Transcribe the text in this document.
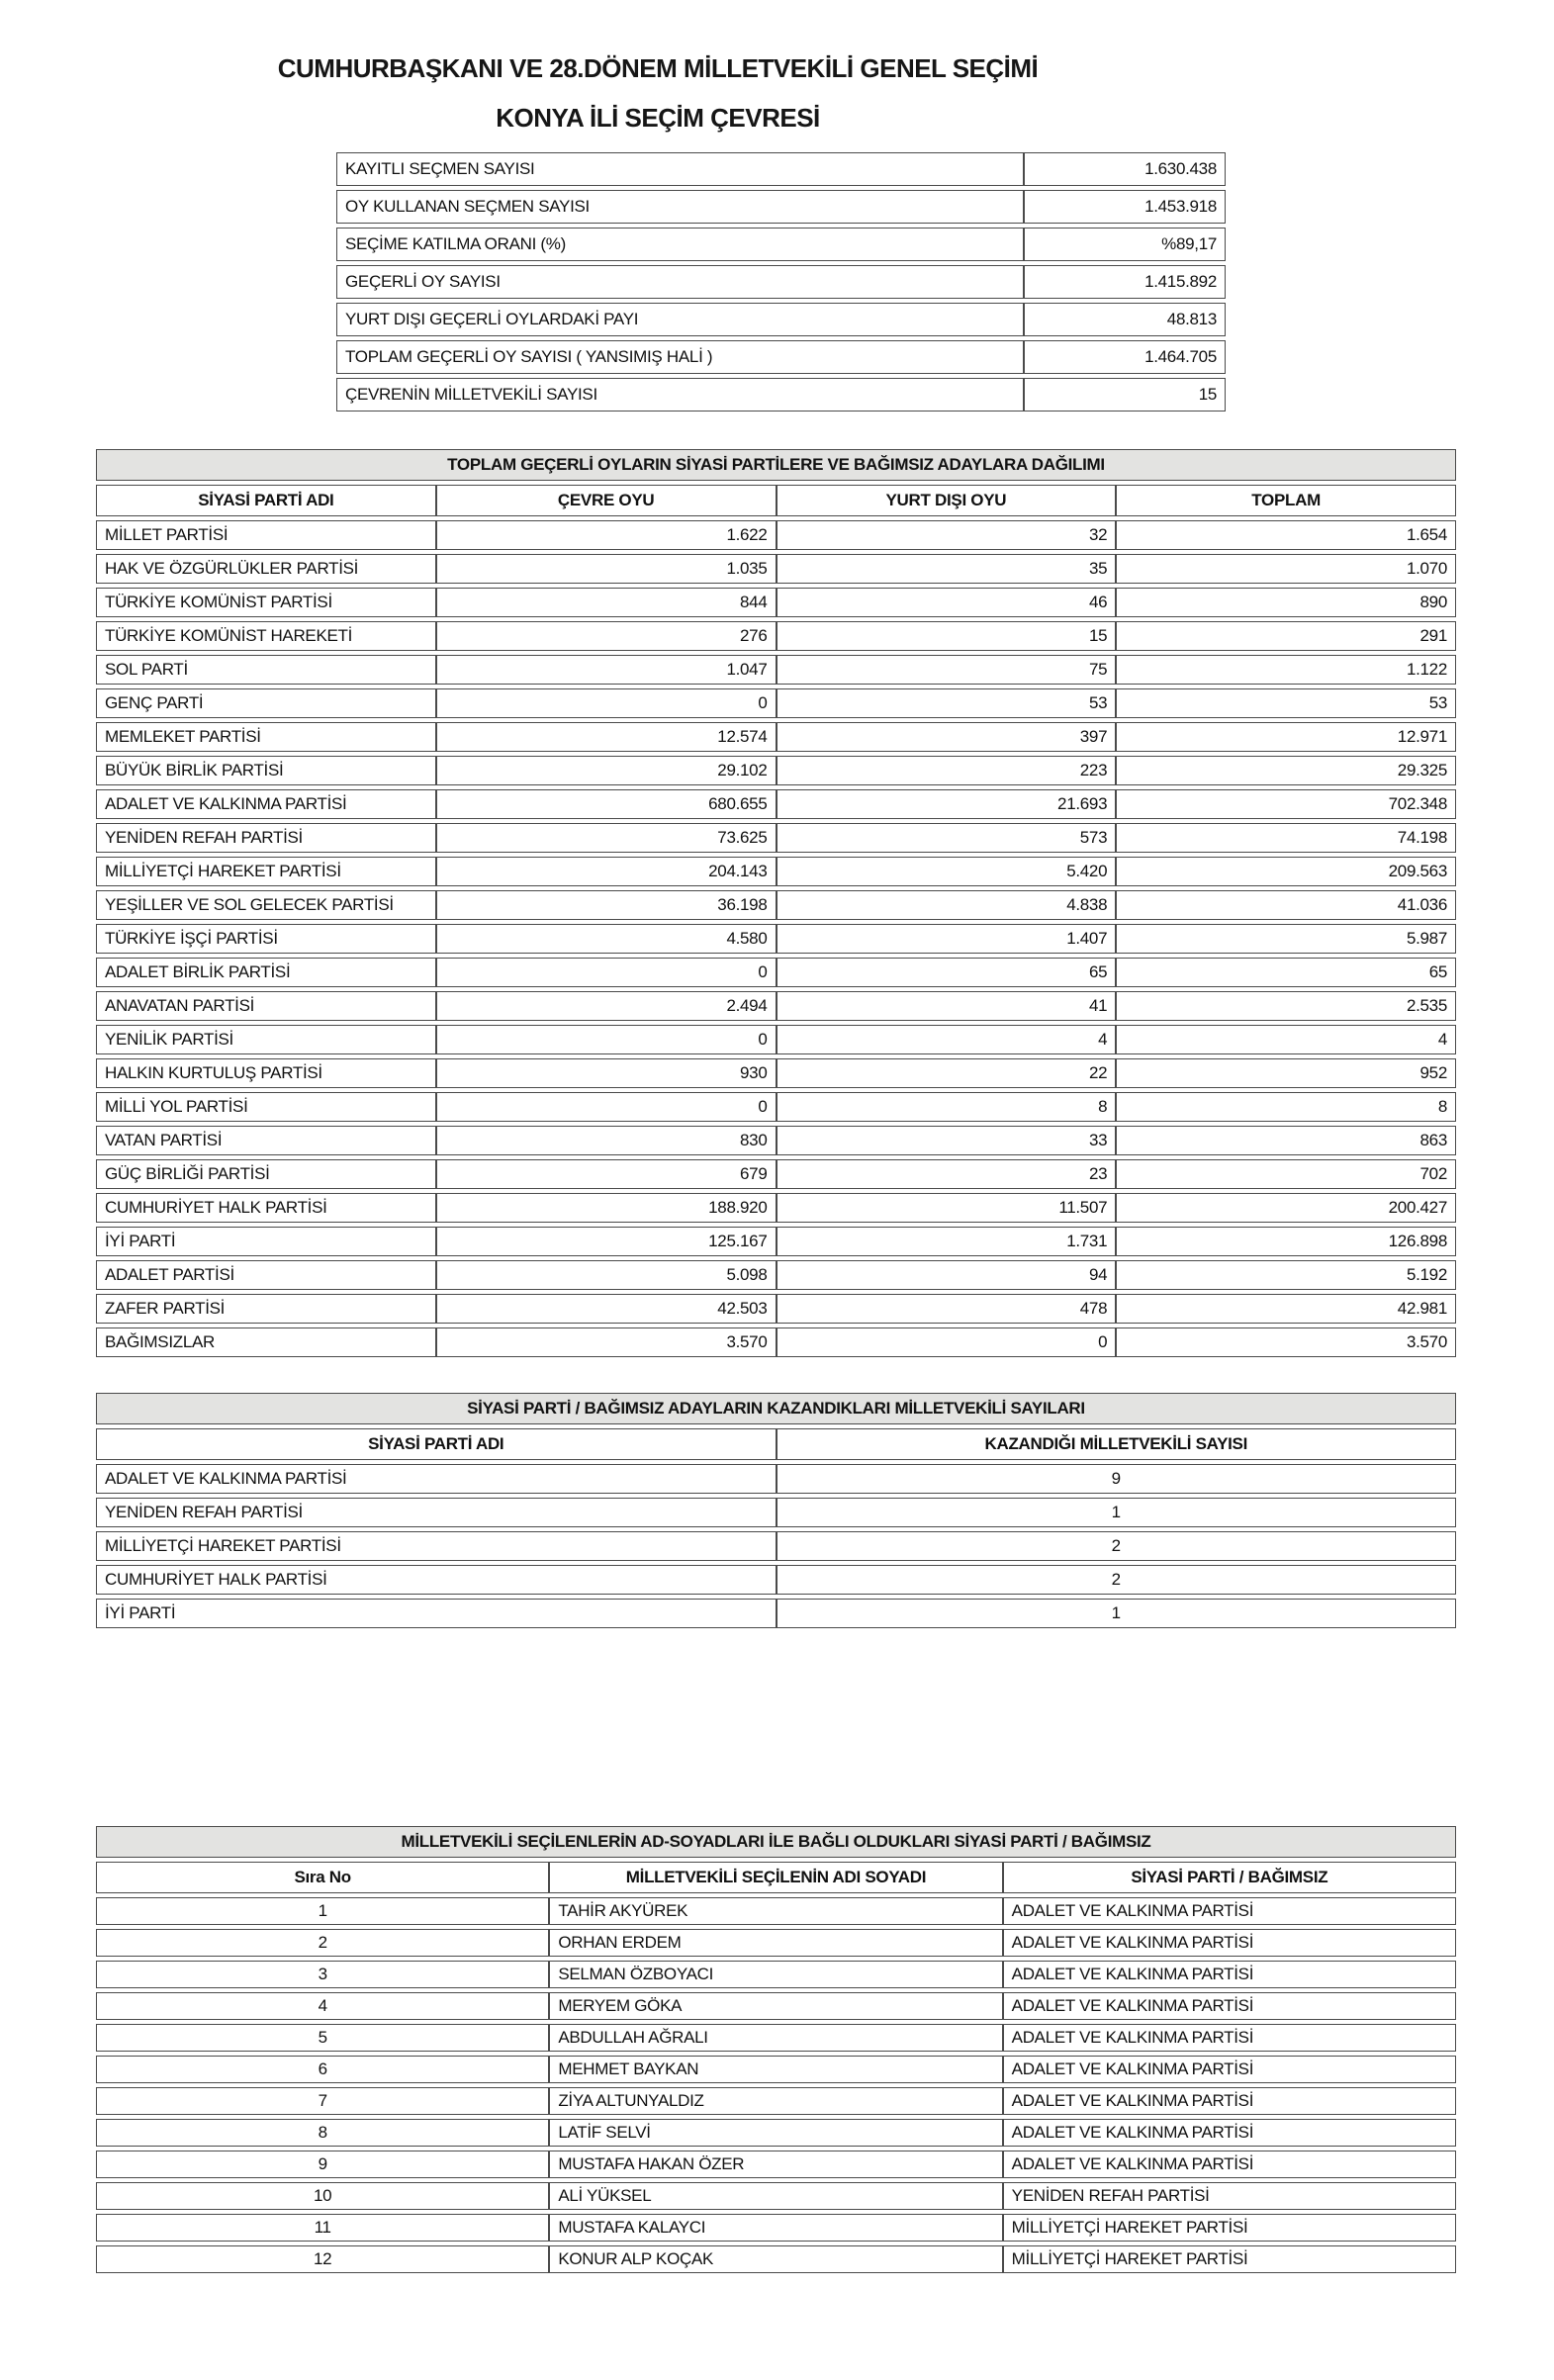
CUMHURBAŞKANI VE 28.DÖNEM MİLLETVEKİLİ GENEL SEÇİMİ
KONYA İLİ SEÇİM ÇEVRESİ
KAYITLI SEÇMEN SAYISI	1.630.438
OY KULLANAN SEÇMEN SAYISI	1.453.918
SEÇİME KATILMA ORANI (%)	%89,17
GEÇERLİ OY SAYISI	1.415.892
YURT DIŞI GEÇERLİ OYLARDAKİ PAYI	48.813
TOPLAM GEÇERLİ OY SAYISI ( YANSIMIŞ HALİ )	1.464.705
ÇEVRENİN MİLLETVEKİLİ SAYISI	15
TOPLAM GEÇERLİ OYLARIN SİYASİ PARTİLERE VE BAĞIMSIZ ADAYLARA DAĞILIMI			
SİYASİ PARTİ ADI	ÇEVRE OYU	YURT DIŞI OYU	TOPLAM
MİLLET PARTİSİ	1.622	32	1.654
HAK VE ÖZGÜRLÜKLER PARTİSİ	1.035	35	1.070
TÜRKİYE KOMÜNİST PARTİSİ	844	46	890
TÜRKİYE KOMÜNİST HAREKETİ	276	15	291
SOL PARTİ	1.047	75	1.122
GENÇ PARTİ	0	53	53
MEMLEKET PARTİSİ	12.574	397	12.971
BÜYÜK BİRLİK PARTİSİ	29.102	223	29.325
ADALET VE KALKINMA PARTİSİ	680.655	21.693	702.348
YENİDEN REFAH PARTİSİ	73.625	573	74.198
MİLLİYETÇİ HAREKET PARTİSİ	204.143	5.420	209.563
YEŞİLLER VE SOL GELECEK PARTİSİ	36.198	4.838	41.036
TÜRKİYE İŞÇİ PARTİSİ	4.580	1.407	5.987
ADALET BİRLİK PARTİSİ	0	65	65
ANAVATAN PARTİSİ	2.494	41	2.535
YENİLİK PARTİSİ	0	4	4
HALKIN KURTULUŞ PARTİSİ	930	22	952
MİLLİ YOL PARTİSİ	0	8	8
VATAN PARTİSİ	830	33	863
GÜÇ BİRLİĞİ PARTİSİ	679	23	702
CUMHURİYET HALK PARTİSİ	188.920	11.507	200.427
İYİ PARTİ	125.167	1.731	126.898
ADALET PARTİSİ	5.098	94	5.192
ZAFER PARTİSİ	42.503	478	42.981
BAĞIMSIZLAR	3.570	0	3.570
SİYASİ PARTİ / BAĞIMSIZ ADAYLARIN KAZANDIKLARI MİLLETVEKİLİ SAYILARI	
SİYASİ PARTİ ADI	KAZANDIĞI MİLLETVEKİLİ SAYISI
ADALET VE KALKINMA PARTİSİ	9
YENİDEN REFAH PARTİSİ	1
MİLLİYETÇİ HAREKET PARTİSİ	2
CUMHURİYET HALK PARTİSİ	2
İYİ PARTİ	1
MİLLETVEKİLİ SEÇİLENLERİN AD-SOYADLARI İLE BAĞLI OLDUKLARI SİYASİ PARTİ / BAĞIMSIZ		
Sıra No	MİLLETVEKİLİ SEÇİLENİN ADI SOYADI	SİYASİ PARTİ / BAĞIMSIZ
1	TAHİR AKYÜREK	ADALET VE KALKINMA PARTİSİ
2	ORHAN ERDEM	ADALET VE KALKINMA PARTİSİ
3	SELMAN ÖZBOYACI	ADALET VE KALKINMA PARTİSİ
4	MERYEM GÖKA	ADALET VE KALKINMA PARTİSİ
5	ABDULLAH AĞRALI	ADALET VE KALKINMA PARTİSİ
6	MEHMET BAYKAN	ADALET VE KALKINMA PARTİSİ
7	ZİYA ALTUNYALDIZ	ADALET VE KALKINMA PARTİSİ
8	LATİF SELVİ	ADALET VE KALKINMA PARTİSİ
9	MUSTAFA HAKAN ÖZER	ADALET VE KALKINMA PARTİSİ
10	ALİ YÜKSEL	YENİDEN REFAH PARTİSİ
11	MUSTAFA KALAYCI	MİLLİYETÇİ HAREKET PARTİSİ
12	KONUR ALP KOÇAK	MİLLİYETÇİ HAREKET PARTİSİ
